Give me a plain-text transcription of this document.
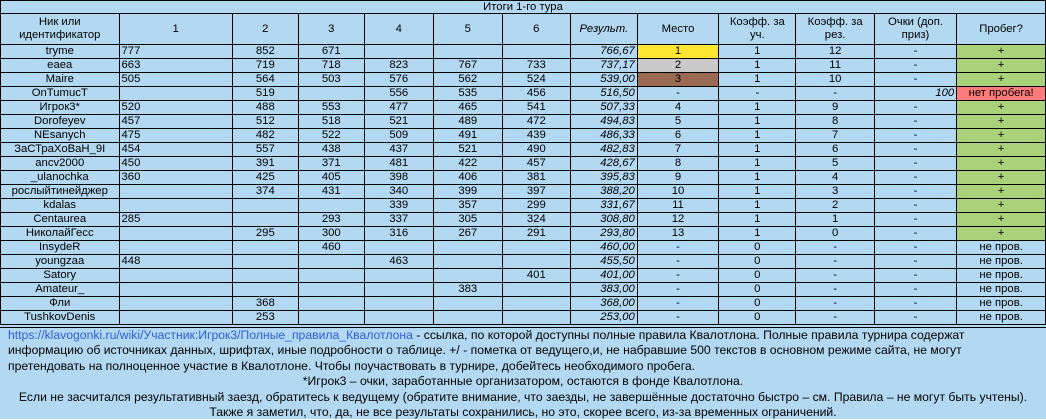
Итоги 1-го тура												
Ник или идентификатор	1	2	3	4	5	6	Результ.	Место	Коэфф. за уч.	Коэфф. за рез.	Очки (доп. приз)	Пробег?
tryme	777	852	671				766,67	1	1	12	-	+
eaea	663	719	718	823	767	733	737,17	2	1	11	-	+
Maire	505	564	503	576	562	524	539,00	3	1	10	-	+
OnTumucT		519		556	535	456	516,50	-	-	-	100	нет пробега!
Игрок3*	520	488	553	477	465	541	507,33	4	1	9	-	+
Dorofeyev	457	512	518	521	489	472	494,83	5	1	8	-	+
NEsanych	475	482	522	509	491	439	486,33	6	1	7	-	+
ЗаСТраХоВаН_9I	454	557	438	437	521	490	482,83	7	1	6	-	+
ancv2000	450	391	371	481	422	457	428,67	8	1	5	-	+
_ulanochka	360	425	405	398	406	381	395,83	9	1	4	-	+
рослыйтинейджер		374	431	340	399	397	388,20	10	1	3	-	+
kdalas				339	357	299	331,67	11	1	2	-	+
Centaurea	285		293	337	305	324	308,80	12	1	1	-	+
НиколайГесс		295	300	316	267	291	293,80	13	1	0	-	+
InsydeR			460				460,00	-	0	-	-	не пров.
youngzaa	448			463			455,50	-	0	-	-	не пров.
Satory						401	401,00	-	0	-	-	не пров.
Amateur_					383		383,00	-	0	-	-	не пров.
Фли		368					368,00	-	0	-	-	не пров.
TushkovDenis		253					253,00	-	0	-	-	не пров.

https://klavogonki.ru/wiki/Участник:Игрок3/Полные_правила_Квалотлона - ссылка, по которой доступны полные правила Квалотлона. Полные правила турнира содержат информацию об источниках данных, шрифтах, иные подробности о таблице. +/ - пометка от ведущего,и, не набравшие 500 текстов в основном режиме сайта, не могут претендовать на полноценное участие в Квалотлоне. Чтобы поучаствовать в турнире, добейтесь необходимого пробега.

*Игрок3 – очки, заработанные организатором, остаются в фонде Квалотлона.

Если не засчитался результативный заезд, обратитесь к ведущему (обратите внимание, что заезды, не завершённые достаточно быстро – см. Правила – не могут быть учтены). Также я заметил, что, да, не все результаты сохранились, но это, скорее всего, из-за временных ограничений.
